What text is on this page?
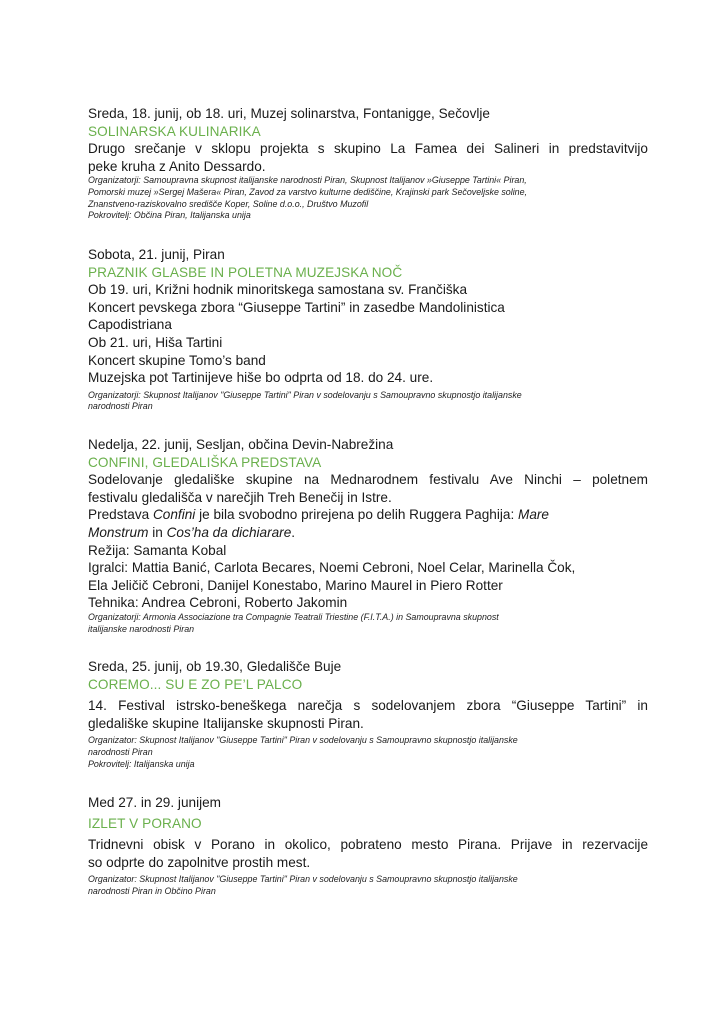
Sreda, 18. junij, ob 18. uri, Muzej solinarstva, Fontanigge, Sečovlje
SOLINARSKA KULINARIKA
Drugo srečanje v sklopu projekta s skupino La Famea dei Salineri in predstavitvijo
peke kruha z Anito Dessardo.
Organizatorji: Samoupravna skupnost italijanske narodnosti Piran, Skupnost Italijanov »Giuseppe Tartini« Piran,
Pomorski muzej »Sergej Mašera« Piran, Zavod za varstvo kulturne dediščine, Krajinski park Sečoveljske soline,
Znanstveno-raziskovalno središče Koper, Soline d.o.o., Društvo Muzofil
Pokrovitelj: Občina Piran, Italijanska unija
Sobota, 21. junij, Piran
PRAZNIK GLASBE IN POLETNA MUZEJSKA NOČ
Ob 19. uri, Križni hodnik minoritskega samostana sv. Frančiška
Koncert pevskega zbora “Giuseppe Tartini” in zasedbe Mandolinistica
Capodistriana
Ob 21. uri, Hiša Tartini
Koncert skupine Tomo’s band
Muzejska pot Tartinijeve hiše bo odprta od 18. do 24. ure.
Organizatorji: Skupnost Italijanov "Giuseppe Tartini" Piran v sodelovanju s Samoupravno skupnostjo italijanske
narodnosti Piran
Nedelja, 22. junij, Sesljan, občina Devin-Nabrežina
CONFINI, GLEDALIŠKA PREDSTAVA
Sodelovanje gledališke skupine na Mednarodnem festivalu Ave Ninchi – poletnem
festivalu gledališča v narečjih Treh Benečij in Istre.
Predstava Confini je bila svobodno prirejena po delih Ruggera Paghija: Mare
Monstrum in Cos’ha da dichiarare.
Režija: Samanta Kobal
Igralci: Mattia Banić, Carlota Becares, Noemi Cebroni, Noel Celar, Marinella Čok,
Ela Jeličič Cebroni, Danijel Konestabo, Marino Maurel in Piero Rotter
Tehnika: Andrea Cebroni, Roberto Jakomin
Organizatorji: Armonia Associazione tra Compagnie Teatrali Triestine (F.I.T.A.) in Samoupravna skupnost
italijanske narodnosti Piran
Sreda, 25. junij, ob 19.30, Gledališče Buje
COREMO... SU E ZO PE’L PALCO
14. Festival istrsko-beneškega narečja s sodelovanjem zbora “Giuseppe Tartini” in
gledališke skupine Italijanske skupnosti Piran.
Organizator: Skupnost Italijanov "Giuseppe Tartini" Piran v sodelovanju s Samoupravno skupnostjo italijanske
narodnosti Piran
Pokrovitelj: Italijanska unija
Med 27. in 29. junijem
IZLET V PORANO
Tridnevni obisk v Porano in okolico, pobrateno mesto Pirana. Prijave in rezervacije
so odprte do zapolnitve prostih mest.
Organizator: Skupnost Italijanov "Giuseppe Tartini" Piran v sodelovanju s Samoupravno skupnostjo italijanske
narodnosti Piran in Občino Piran
